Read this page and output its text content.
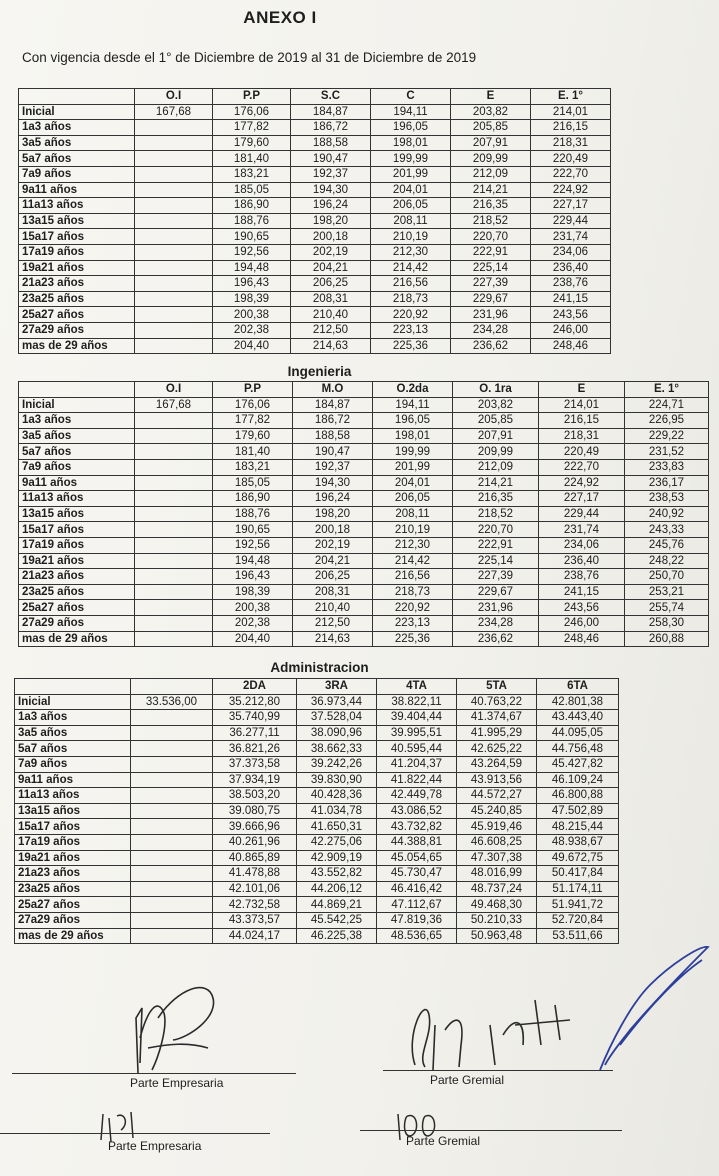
ANEXO I
Con vigencia desde el 1° de Diciembre de 2019 al 31 de Diciembre de 2019
	O.I	P.P	S.C	C	E	E. 1°
Inicial	167,68	176,06	184,87	194,11	203,82	214,01
1a3 años		177,82	186,72	196,05	205,85	216,15
3a5 años		179,60	188,58	198,01	207,91	218,31
5a7 años		181,40	190,47	199,99	209,99	220,49
7a9 años		183,21	192,37	201,99	212,09	222,70
9a11 años		185,05	194,30	204,01	214,21	224,92
11a13 años		186,90	196,24	206,05	216,35	227,17
13a15 años		188,76	198,20	208,11	218,52	229,44
15a17 años		190,65	200,18	210,19	220,70	231,74
17a19 años		192,56	202,19	212,30	222,91	234,06
19a21 años		194,48	204,21	214,42	225,14	236,40
21a23 años		196,43	206,25	216,56	227,39	238,76
23a25 años		198,39	208,31	218,73	229,67	241,15
25a27 años		200,38	210,40	220,92	231,96	243,56
27a29 años		202,38	212,50	223,13	234,28	246,00
mas de 29 años		204,40	214,63	225,36	236,62	248,46
Ingenieria
	O.I	P.P	M.O	O.2da	O. 1ra	E	E. 1°
Inicial	167,68	176,06	184,87	194,11	203,82	214,01	224,71
1a3 años		177,82	186,72	196,05	205,85	216,15	226,95
3a5 años		179,60	188,58	198,01	207,91	218,31	229,22
5a7 años		181,40	190,47	199,99	209,99	220,49	231,52
7a9 años		183,21	192,37	201,99	212,09	222,70	233,83
9a11 años		185,05	194,30	204,01	214,21	224,92	236,17
11a13 años		186,90	196,24	206,05	216,35	227,17	238,53
13a15 años		188,76	198,20	208,11	218,52	229,44	240,92
15a17 años		190,65	200,18	210,19	220,70	231,74	243,33
17a19 años		192,56	202,19	212,30	222,91	234,06	245,76
19a21 años		194,48	204,21	214,42	225,14	236,40	248,22
21a23 años		196,43	206,25	216,56	227,39	238,76	250,70
23a25 años		198,39	208,31	218,73	229,67	241,15	253,21
25a27 años		200,38	210,40	220,92	231,96	243,56	255,74
27a29 años		202,38	212,50	223,13	234,28	246,00	258,30
mas de 29 años		204,40	214,63	225,36	236,62	248,46	260,88
Administracion
		2DA	3RA	4TA	5TA	6TA
Inicial	33.536,00	35.212,80	36.973,44	38.822,11	40.763,22	42.801,38
1a3 años		35.740,99	37.528,04	39.404,44	41.374,67	43.443,40
3a5 años		36.277,11	38.090,96	39.995,51	41.995,29	44.095,05
5a7 años		36.821,26	38.662,33	40.595,44	42.625,22	44.756,48
7a9 años		37.373,58	39.242,26	41.204,37	43.264,59	45.427,82
9a11 años		37.934,19	39.830,90	41.822,44	43.913,56	46.109,24
11a13 años		38.503,20	40.428,36	42.449,78	44.572,27	46.800,88
13a15 años		39.080,75	41.034,78	43.086,52	45.240,85	47.502,89
15a17 años		39.666,96	41.650,31	43.732,82	45.919,46	48.215,44
17a19 años		40.261,96	42.275,06	44.388,81	46.608,25	48.938,67
19a21 años		40.865,89	42.909,19	45.054,65	47.307,38	49.672,75
21a23 años		41.478,88	43.552,82	45.730,47	48.016,99	50.417,84
23a25 años		42.101,06	44.206,12	46.416,42	48.737,24	51.174,11
25a27 años		42.732,58	44.869,21	47.112,67	49.468,30	51.941,72
27a29 años		43.373,57	45.542,25	47.819,36	50.210,33	52.720,84
mas de 29 años		44.024,17	46.225,38	48.536,65	50.963,48	53.511,66
Parte Empresaria	Parte Gremial
Parte Empresaria	Parte Gremial
